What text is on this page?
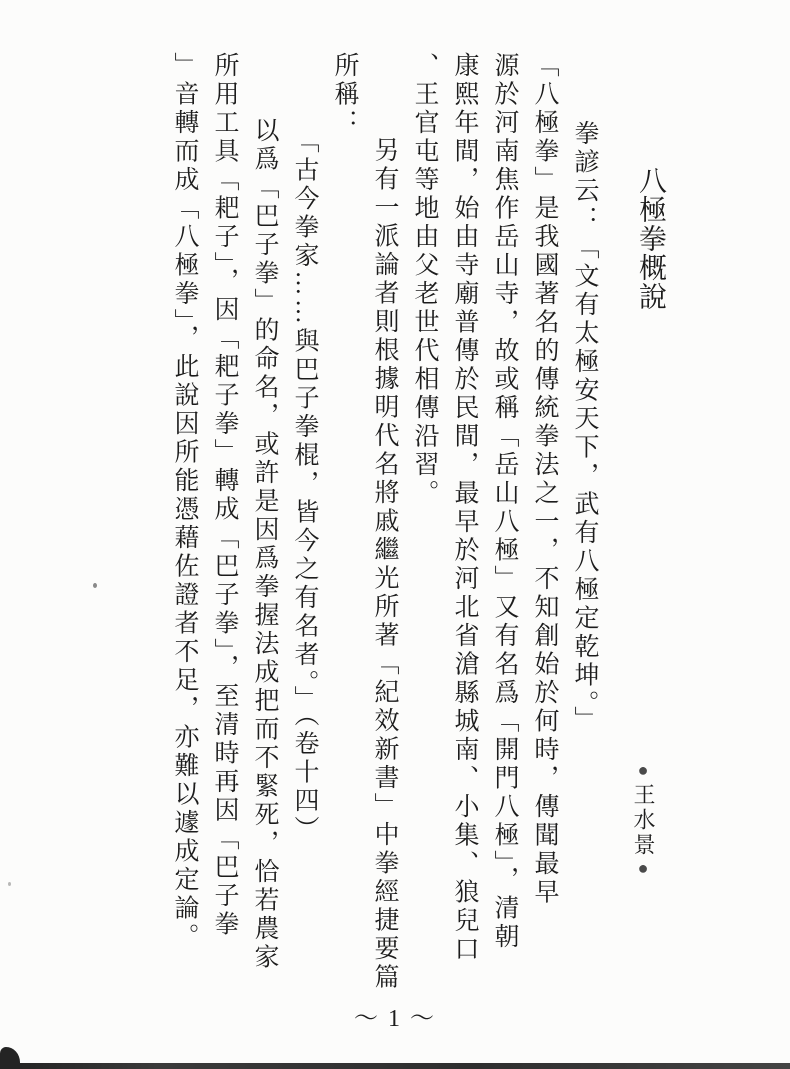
拳諺云：「文有太極安天下，武有八極定乾坤。」
「八極拳」是我國著名的傳統拳法之一，不知創始於何時，傳聞最早
源於河南焦作岳山寺，故或稱「岳山八極」又有名爲「開門八極」，清朝
康熙年間，始由寺廟普傳於民間，最早於河北省滄縣城南、小集、狼兒口
、王官屯等地由父老世代相傳沿習。
另有一派論者則根據明代名將戚繼光所著「紀效新書」中拳經捷要篇
所稱：
「古今拳家……與巴子拳棍，皆今之有名者。」（卷十四）
以爲「巴子拳」的命名，或許是因爲拳握法成把而不緊死，恰若農家
所用工具「耙子」，因「耙子拳」轉成「巴子拳」，至清時再因「巴子拳
」音轉而成「八極拳」，此說因所能憑藉佐證者不足，亦難以遽成定論。	八極拳概說
●王水景●
～ 1 ～
